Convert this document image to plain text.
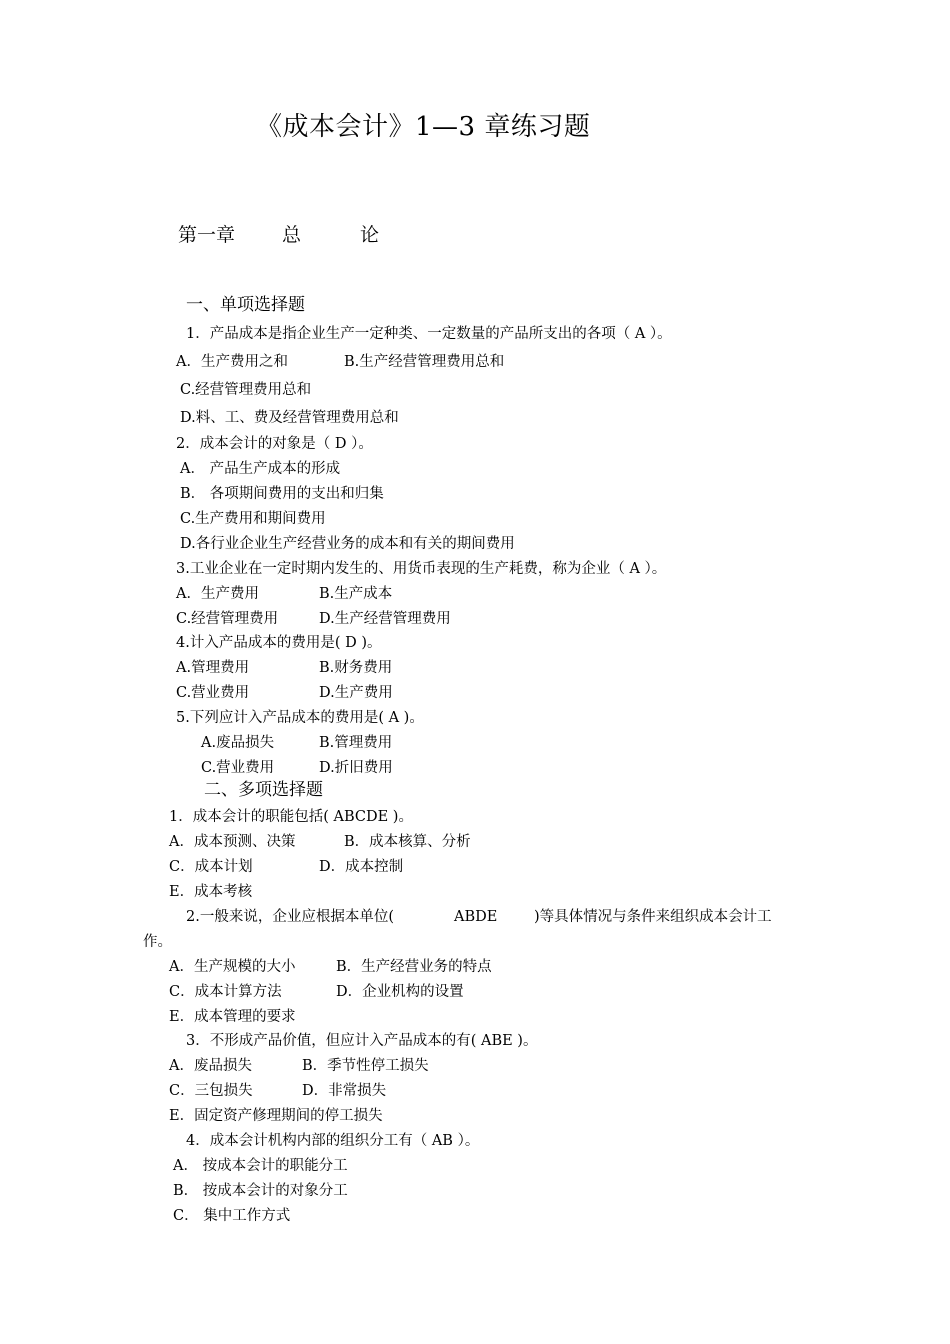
《成本会计》1—3 章练习题
第一章 总	论
一、单项选择题
1．产品成本是指企业生产一定种类、一定数量的产品所支出的各项（ A ）。
A．生产费用之和	B.生产经营管理费用总和
C.经营管理费用总和
D.料、工、费及经营管理费用总和
2．成本会计的对象是（ D ）。
A． 产品生产成本的形成
B． 各项期间费用的支出和归集
C.生产费用和期间费用
D.各行业企业生产经营业务的成本和有关的期间费用
3.工业企业在一定时期内发生的、用货币表现的生产耗费，称为企业（ A ）。
A．生产费用	B.生产成本
C.经营管理费用	D.生产经营管理费用
4.计入产品成本的费用是( D )。
A.管理费用	B.财务费用
C.营业费用	D.生产费用
5.下列应计入产品成本的费用是( A )。
A.废品损失	B.管理费用
C.营业费用	D.折旧费用
二、多项选择题
1．成本会计的职能包括( ABCDE )。
A．成本预测、决策	B．成本核算、分析
C．成本计划	D．成本控制
E．成本考核
2.一般来说，企业应根据本单位(	ABDE	)等具体情况与条件来组织成本会计工
作。
A．生产规模的大小	B．生产经营业务的特点
C．成本计算方法	D．企业机构的设置
E．成本管理的要求
3．不形成产品价值，但应计入产品成本的有( ABE )。
A．废品损失	B．季节性停工损失
C．三包损失	D．非常损失
E．固定资产修理期间的停工损失
4．成本会计机构内部的组织分工有（ AB ）。
A． 按成本会计的职能分工
B． 按成本会计的对象分工
C． 集中工作方式
